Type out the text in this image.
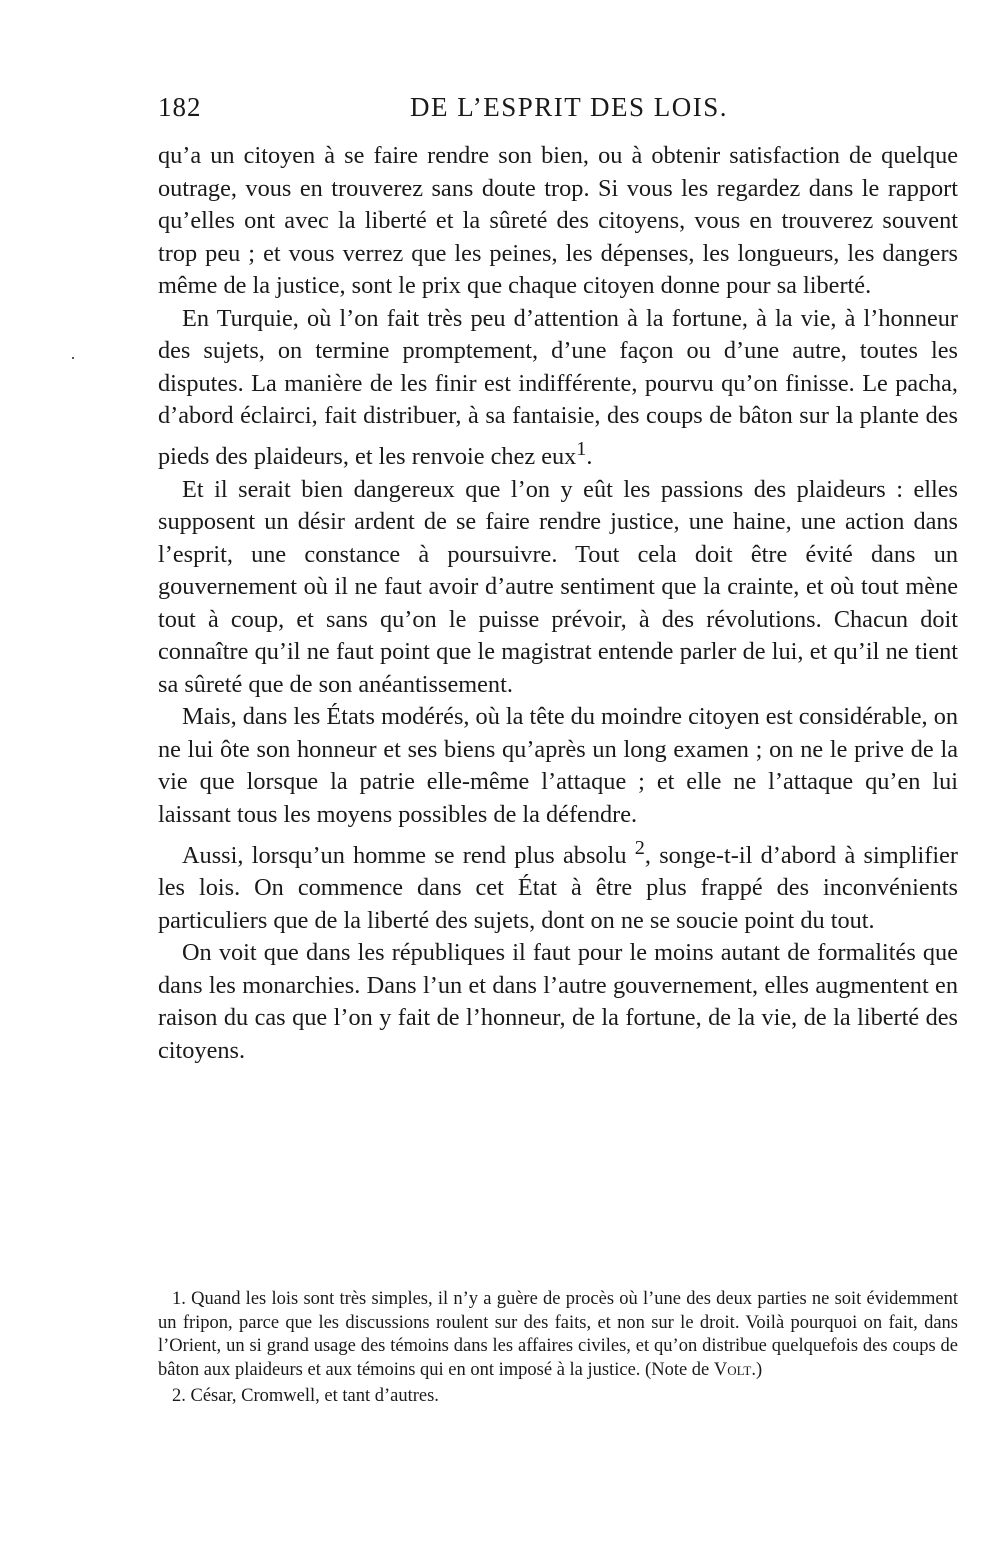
182	DE L’ESPRIT DES LOIS.

qu’a un citoyen à se faire rendre son bien, ou à obtenir satisfaction de quelque outrage, vous en trouverez sans doute trop. Si vous les regardez dans le rapport qu’elles ont avec la liberté et la sûreté des citoyens, vous en trouverez souvent trop peu ; et vous verrez que les peines, les dépenses, les longueurs, les dangers même de la justice, sont le prix que chaque citoyen donne pour sa liberté.

En Turquie, où l’on fait très peu d’attention à la fortune, à la vie, à l’honneur des sujets, on termine promptement, d’une façon ou d’une autre, toutes les disputes. La manière de les finir est indifférente, pourvu qu’on finisse. Le pacha, d’abord éclairci, fait distribuer, à sa fantaisie, des coups de bâton sur la plante des pieds des plaideurs, et les renvoie chez eux$^1$.

Et il serait bien dangereux que l’on y eût les passions des plaideurs : elles supposent un désir ardent de se faire rendre justice, une haine, une action dans l’esprit, une constance à poursuivre. Tout cela doit être évité dans un gouvernement où il ne faut avoir d’autre sentiment que la crainte, et où tout mène tout à coup, et sans qu’on le puisse prévoir, à des révolutions. Chacun doit connaître qu’il ne faut point que le magistrat entende parler de lui, et qu’il ne tient sa sûreté que de son anéantissement.

Mais, dans les États modérés, où la tête du moindre citoyen est considérable, on ne lui ôte son honneur et ses biens qu’après un long examen ; on ne le prive de la vie que lorsque la patrie elle-même l’attaque ; et elle ne l’attaque qu’en lui laissant tous les moyens possibles de la défendre.

Aussi, lorsqu’un homme se rend plus absolu $^2$, songe-t-il d’abord à simplifier les lois. On commence dans cet État à être plus frappé des inconvénients particuliers que de la liberté des sujets, dont on ne se soucie point du tout.

On voit que dans les républiques il faut pour le moins autant de formalités que dans les monarchies. Dans l’un et dans l’autre gouvernement, elles augmentent en raison du cas que l’on y fait de l’honneur, de la fortune, de la vie, de la liberté des citoyens.

1. Quand les lois sont très simples, il n’y a guère de procès où l’une des deux parties ne soit évidemment un fripon, parce que les discussions roulent sur des faits, et non sur le droit. Voilà pourquoi on fait, dans l’Orient, un si grand usage des témoins dans les affaires civiles, et qu’on distribue quelquefois des coups de bâton aux plaideurs et aux témoins qui en ont imposé à la justice. (Note de Volt.)

2. César, Cromwell, et tant d’autres.
